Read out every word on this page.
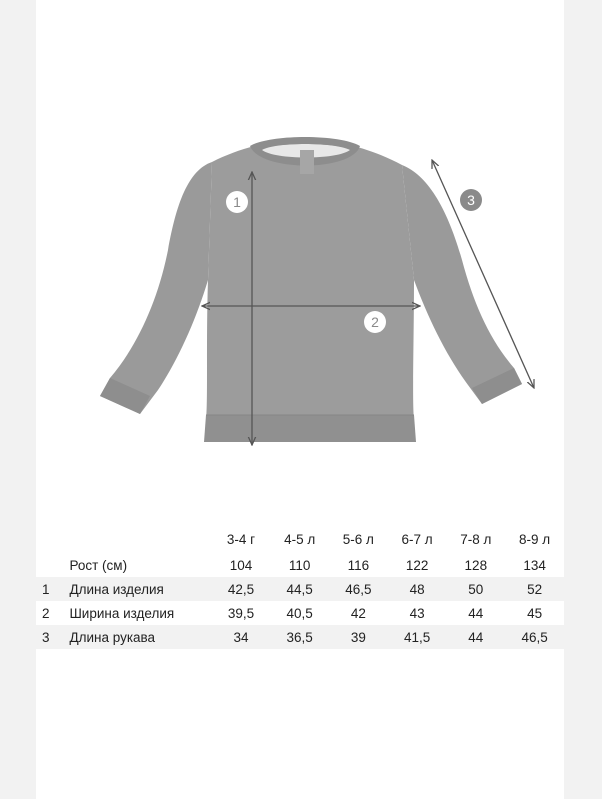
1
2
3
		3-4 г	4-5 л	5-6 л	6-7 л	7-8 л	8-9 л
	Рост (см)	104	110	116	122	128	134
1	Длина изделия	42,5	44,5	46,5	48	50	52
2	Ширина изделия	39,5	40,5	42	43	44	45
3	Длина рукава	34	36,5	39	41,5	44	46,5
